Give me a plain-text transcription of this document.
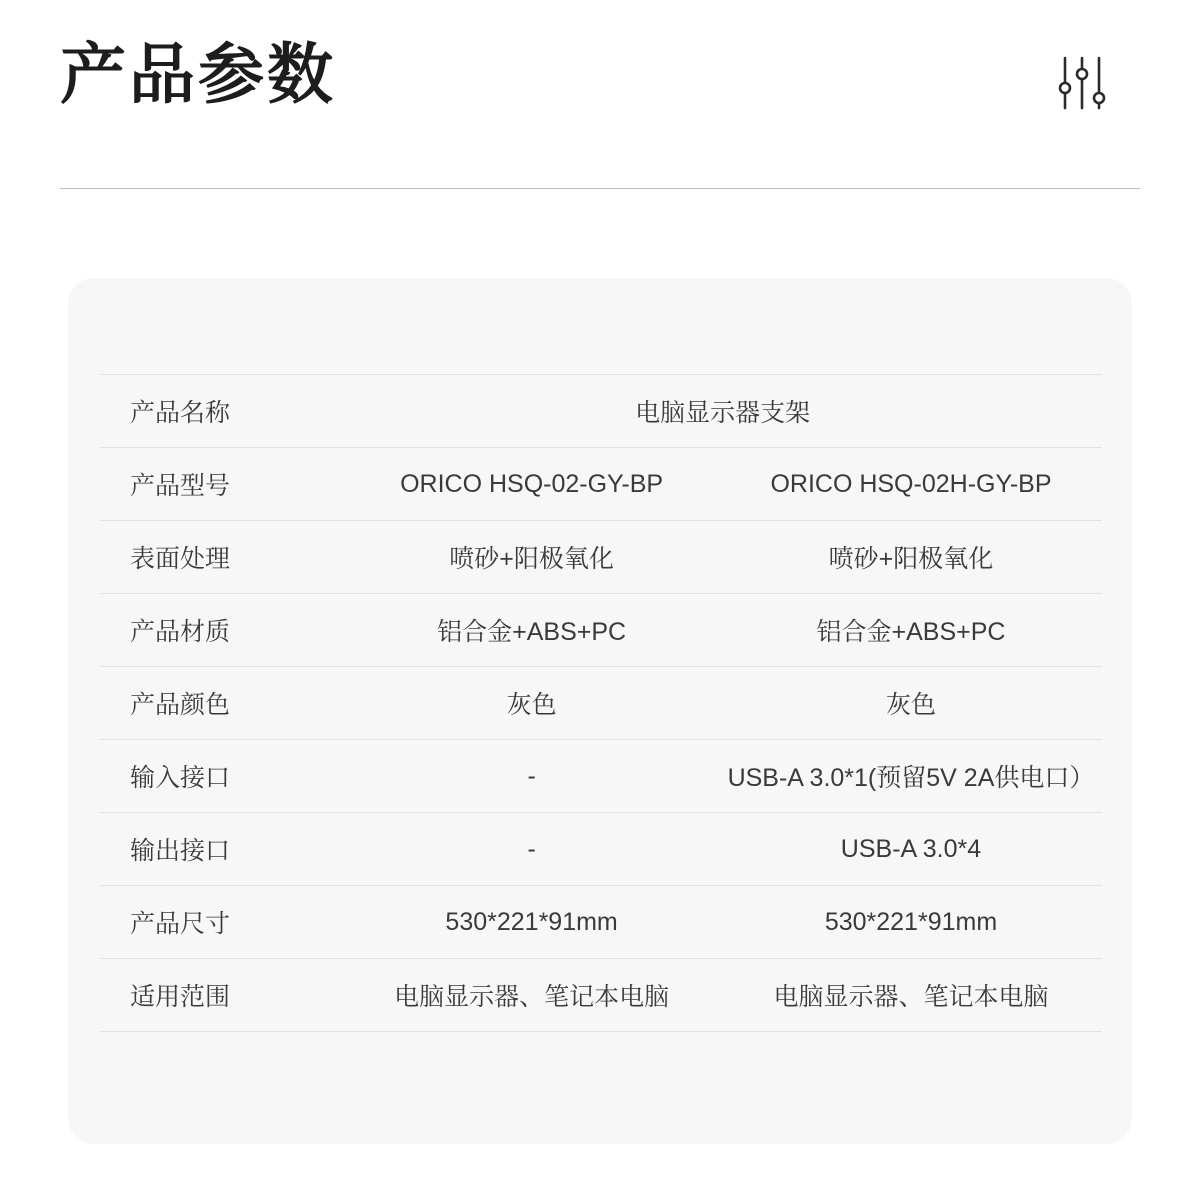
产品参数
产品名称	电脑显示器支架	
产品型号	ORICO HSQ-02-GY-BP	ORICO HSQ-02H-GY-BP
表面处理	喷砂+阳极氧化	喷砂+阳极氧化
产品材质	铝合金+ABS+PC	铝合金+ABS+PC
产品颜色	灰色	灰色
输入接口	-	USB-A 3.0*1(预留5V 2A供电口）
输出接口	-	USB-A 3.0*4
产品尺寸	530*221*91mm	530*221*91mm
适用范围	电脑显示器、笔记本电脑	电脑显示器、笔记本电脑
